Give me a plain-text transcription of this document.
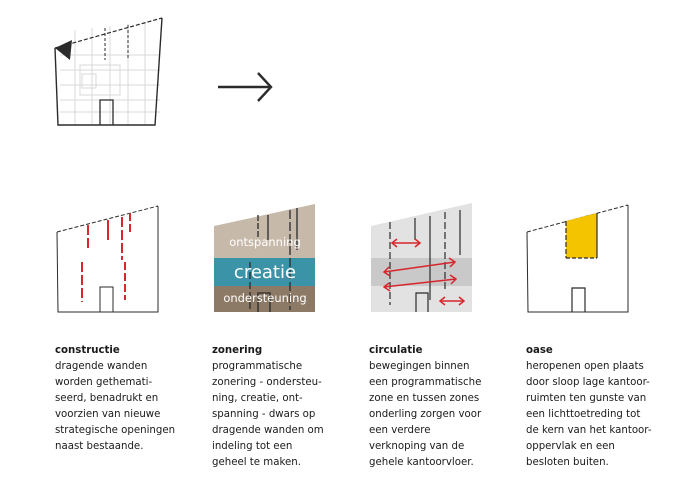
ontspanning
creatie
ondersteuning
constructie
dragende wanden
worden gethemati-
seerd, benadrukt en
voorzien van nieuwe
strategische openingen
naast bestaande.
zonering
programmatische
zonering - ondersteu-
ning, creatie, ont-
spanning - dwars op
dragende wanden om
indeling tot een
geheel te maken.
circulatie
bewegingen binnen
een programmatische
zone en tussen zones
onderling zorgen voor
een verdere
verknoping van de
gehele kantoorvloer.
oase
heropenen open plaats
door sloop lage kantoor-
ruimten ten gunste van
een lichttoetreding tot
de kern van het kantoor-
oppervlak en een
besloten buiten.
